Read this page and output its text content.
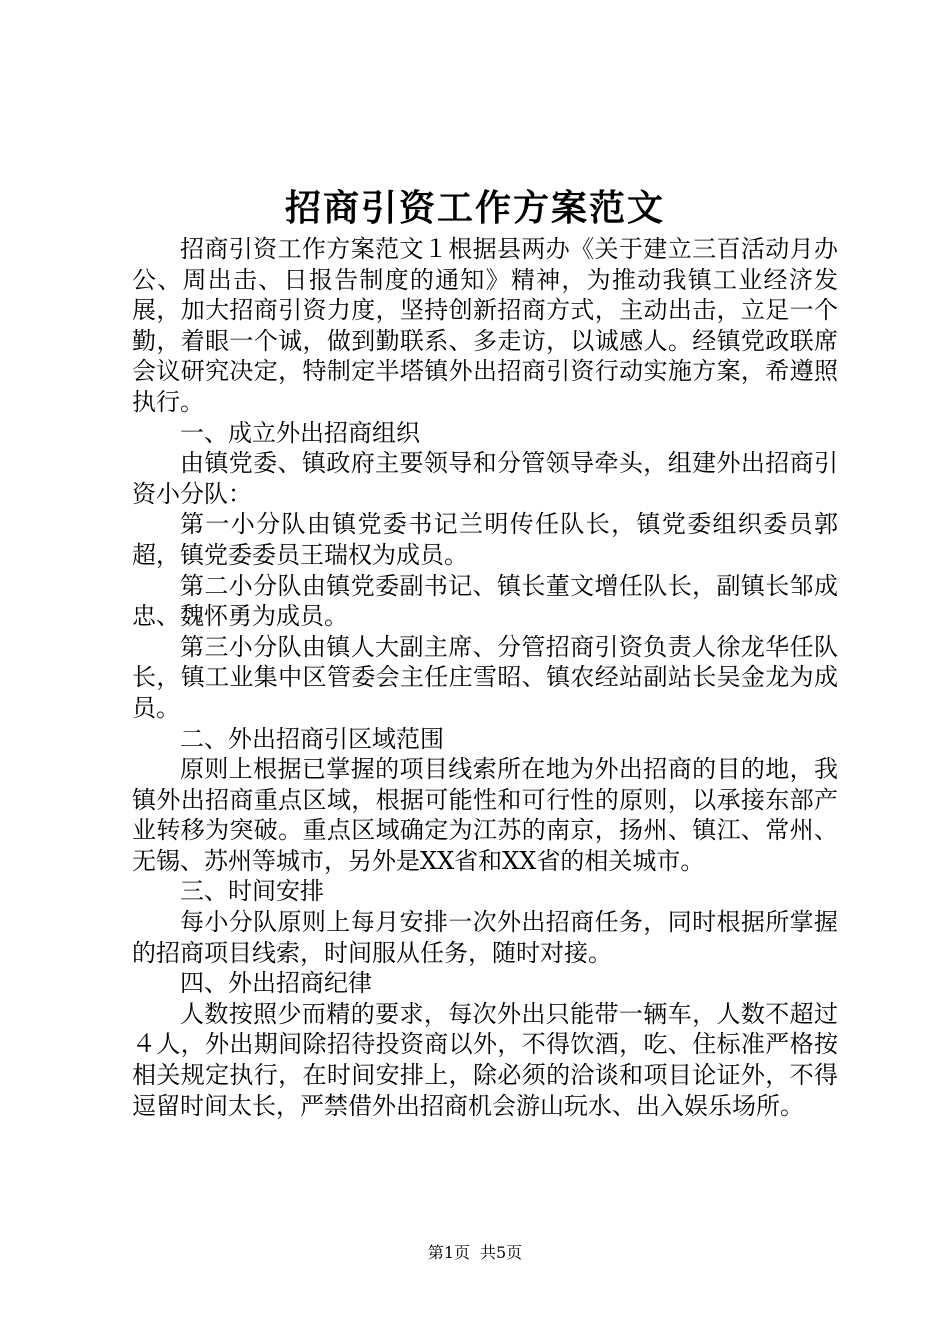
招商引资工作方案范文

招商引资工作方案范文１根据县两办《关于建立三百活动月办公、周出击、日报告制度的通知》精神，为推动我镇工业经济发展，加大招商引资力度，坚持创新招商方式，主动出击，立足一个勤，着眼一个诚，做到勤联系、多走访，以诚感人。经镇党政联席会议研究决定，特制定半塔镇外出招商引资行动实施方案，希遵照执行。

一、成立外出招商组织

由镇党委、镇政府主要领导和分管领导牵头，组建外出招商引资小分队：

第一小分队由镇党委书记兰明传任队长，镇党委组织委员郭超，镇党委委员王瑞权为成员。

第二小分队由镇党委副书记、镇长董文增任队长，副镇长邹成忠、魏怀勇为成员。

第三小分队由镇人大副主席、分管招商引资负责人徐龙华任队长，镇工业集中区管委会主任庄雪昭、镇农经站副站长吴金龙为成员。

二、外出招商引区域范围

原则上根据已掌握的项目线索所在地为外出招商的目的地，我镇外出招商重点区域，根据可能性和可行性的原则，以承接东部产业转移为突破。重点区域确定为江苏的南京，扬州、镇江、常州、无锡、苏州等城市，另外是XX省和XX省的相关城市。

三、时间安排

每小分队原则上每月安排一次外出招商任务，同时根据所掌握的招商项目线索，时间服从任务，随时对接。

四、外出招商纪律

人数按照少而精的要求，每次外出只能带一辆车，人数不超过４人，外出期间除招待投资商以外，不得饮酒，吃、住标准严格按相关规定执行，在时间安排上，除必须的洽谈和项目论证外，不得逗留时间太长，严禁借外出招商机会游山玩水、出入娱乐场所。

第1页 共5页
